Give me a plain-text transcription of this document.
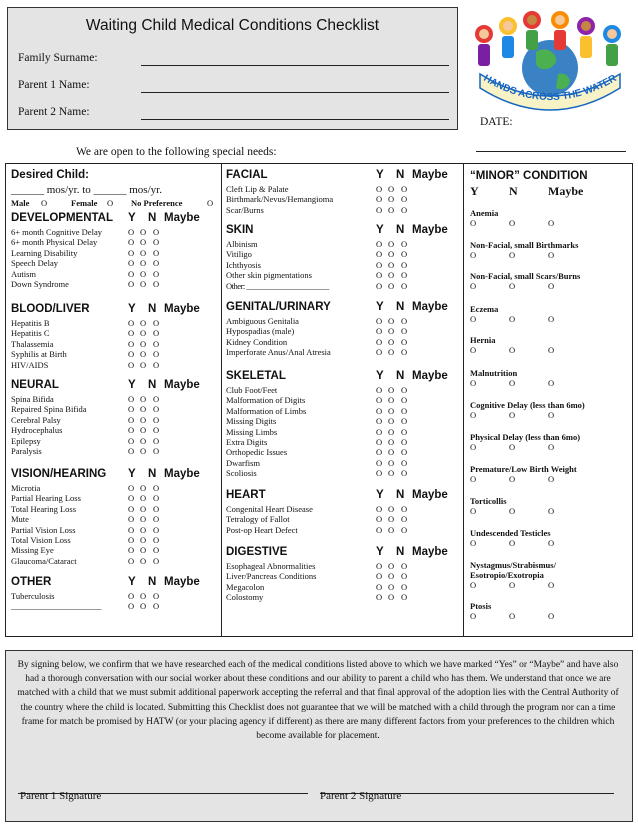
Waiting Child Medical Conditions Checklist
Family Surname:
Parent 1 Name:
Parent 2 Name:
HANDS ACROSS THE WATER
DATE:
We are open to the following special needs:
Desired Child:
______ mos/yr. to ______ mos/yr.
Male O	Female O No Preference	O
DEVELOPMENTAL Y N Maybe
6+ month Cognitive Delay	O O O
6+ month Physical Delay	O O O
Learning Disability	O O O
Speech Delay	O O O
Autism	O O O
Down Syndrome	O O O
BLOOD/LIVER	Y N Maybe
Hepatitis B	O O O
Hepatitis C	O O O
Thalassemia	O O O
Syphilis at Birth	O O O
HIV/AIDS	O O O
NEURAL	Y N Maybe
Spina Bifida	O O O
Repaired Spina Bifida	O O O
Cerebral Palsy	O O O
Hydrocephalus	O O O
Epilepsy	O O O
Paralysis	O O O
VISION/HEARING Y N Maybe
Microtia	O O O
Partial Hearing Loss	O O O
Total Hearing Loss	O O O
Mute	O O O
Partial Vision Loss	O O O
Total Vision Loss	O O O
Missing Eye	O O O
Glaucoma/Cataract	O O O
OTHER	Y N Maybe
Tuberculosis	O O O
________________________	O O O
FACIAL	Y N Maybe
Cleft Lip & Palate	O O O
Birthmark/Nevus/Hemangioma	O O O
Scar/Burns	O O O
SKIN	Y N Maybe
Albinism	O O O
Vitiligo	O O O
Ichthyosis	O O O
Other skin pigmentations	O O O
Other: ______________________	O O O
GENITAL/URINARY	Y N Maybe
Ambiguous Genitalia	O O O
Hypospadias (male)	O O O
Kidney Condition	O O O
Imperforate Anus/Anal Atresia	O O O
SKELETAL	Y N Maybe
Club Foot/Feet	O O O
Malformation of Digits	O O O
Malformation of Limbs	O O O
Missing Digits	O O O
Missing Limbs	O O O
Extra Digits	O O O
Orthopedic Issues	O O O
Dwarfism	O O O
Scoliosis	O O O
HEART	Y N Maybe
Congenital Heart Disease	O O O
Tetralogy of Fallot	O O O
Post-op Heart Defect	O O O
DIGESTIVE	Y N Maybe
Esophageal Abnormalities	O O O
Liver/Pancreas Conditions	O O O
Megacolon	O O O
Colostomy	O O O
“MINOR” CONDITION
Y	N	Maybe
Anemia
O	O	O
Non-Facial, small Birthmarks
O	O	O
Non-Facial, small Scars/Burns
O	O	O
Eczema
O	O	O
Hernia
O	O	O
Malnutrition
O	O	O
Cognitive Delay (less than 6mo)
O	O	O
Physical Delay (less than 6mo)
O	O	O
Premature/Low Birth Weight
O	O	O
Torticollis
O	O	O
Undescended Testicles
O	O	O
Nystagmus/Strabismus/
Esotropio/Exotropia
O	O	O
Ptosis
O	O	O
By signing below, we confirm that we have researched each of the medical conditions listed above to which we have marked “Yes” or “Maybe” and have also had a thorough conversation with our social worker about these conditions and our ability to parent a child who has them. We understand that once we are matched with a child that we must submit additional paperwork accepting the referral and that final approval of the adoption lies with the Central Authority of the country where the child is located. Submitting this Checklist does not guarantee that we will be matched with a child through the program nor can a time frame for match be promised by HATW (or your placing agency if different) as there are many different factors from your preferences to the children which become available for placement.
Parent 1 Signature	Parent 2 Signature
